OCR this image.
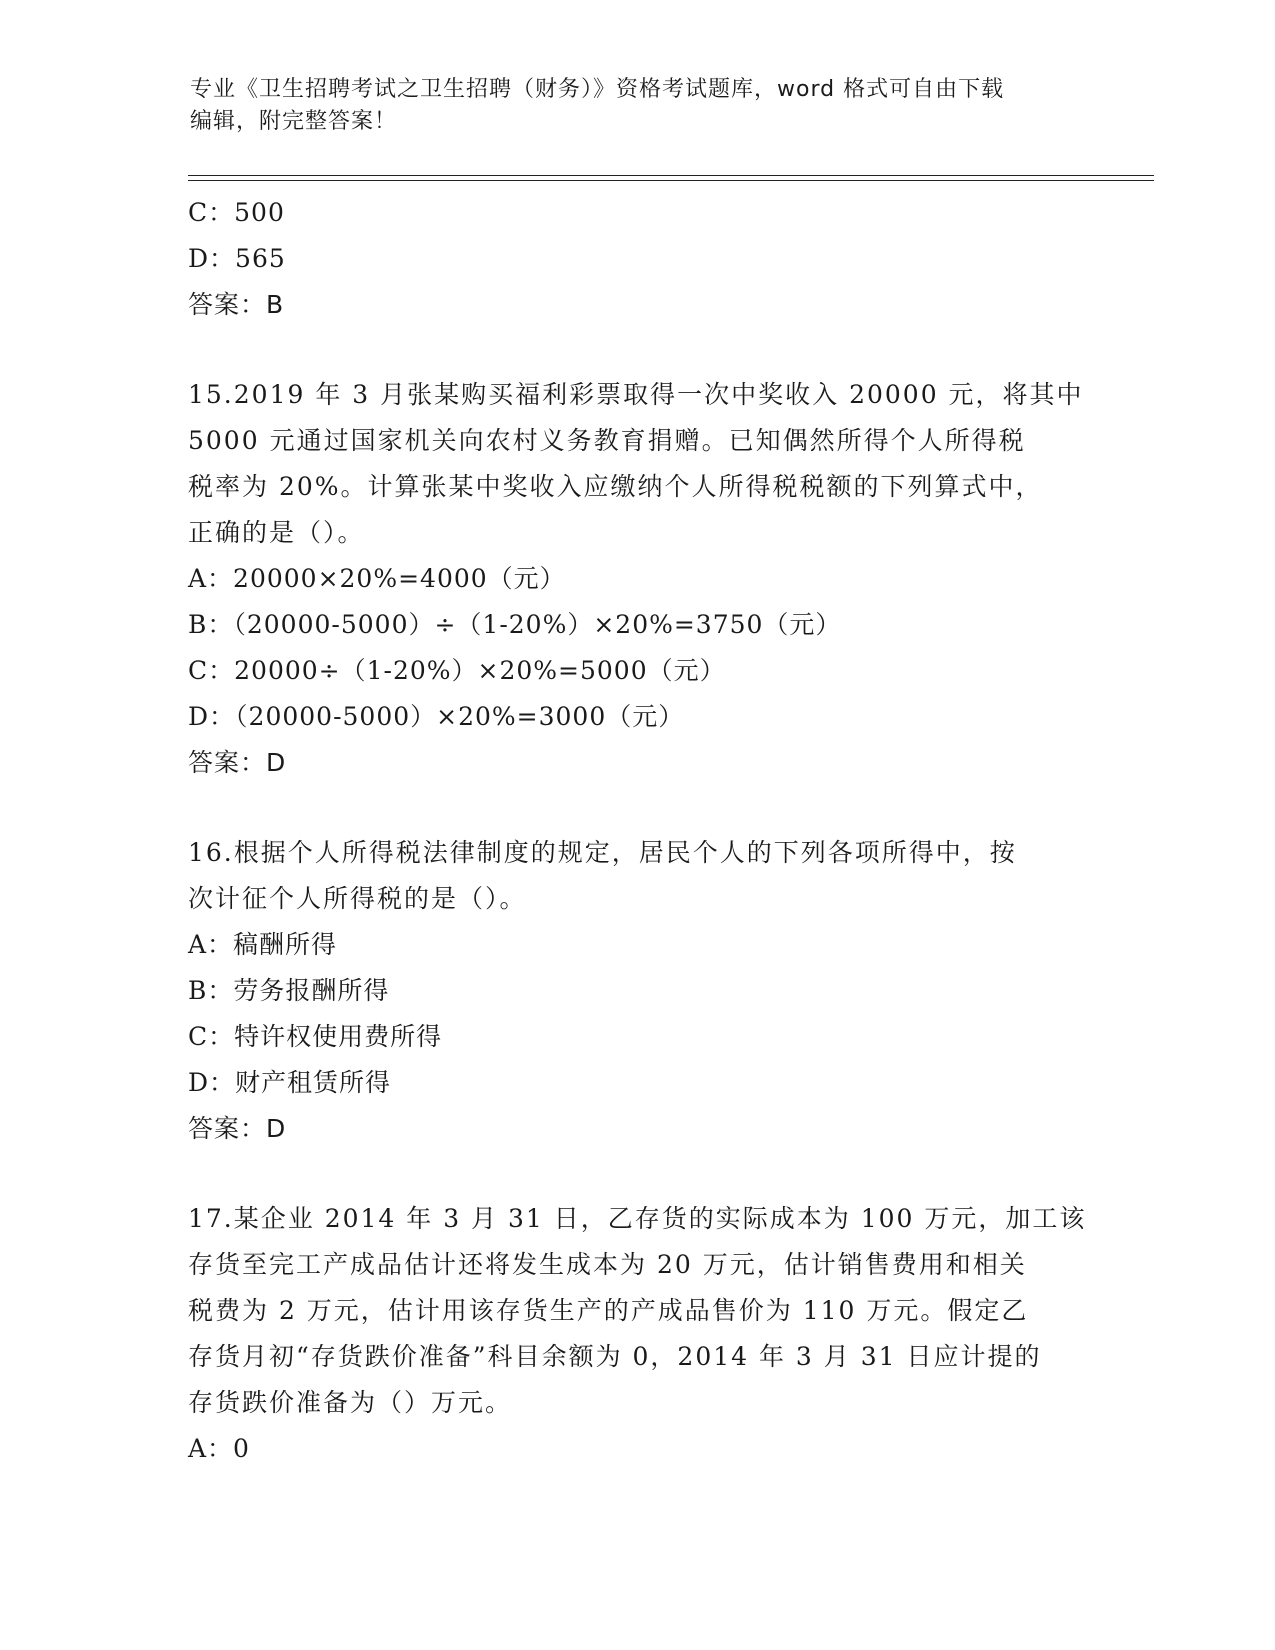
专业《卫生招聘考试之卫生招聘（财务）》资格考试题库，word 格式可自由下载
编辑，附完整答案！
C：500
D：565
答案：B
15.2019 年 3 月张某购买福利彩票取得一次中奖收入 20000 元，将其中
5000 元通过国家机关向农村义务教育捐赠。已知偶然所得个人所得税
税率为 20%。计算张某中奖收入应缴纳个人所得税税额的下列算式中，
正确的是（）。
A：20000×20%=4000（元）
B：（20000-5000）÷（1-20%）×20%=3750（元）
C：20000÷（1-20%）×20%=5000（元）
D：（20000-5000）×20%=3000（元）
答案：D
16.根据个人所得税法律制度的规定，居民个人的下列各项所得中，按
次计征个人所得税的是（）。
A：稿酬所得
B：劳务报酬所得
C：特许权使用费所得
D：财产租赁所得
答案：D
17.某企业 2014 年 3 月 31 日，乙存货的实际成本为 100 万元，加工该
存货至完工产成品估计还将发生成本为 20 万元，估计销售费用和相关
税费为 2 万元，估计用该存货生产的产成品售价为 110 万元。假定乙
存货月初“存货跌价准备”科目余额为 0，2014 年 3 月 31 日应计提的
存货跌价准备为（）万元。
A：0
